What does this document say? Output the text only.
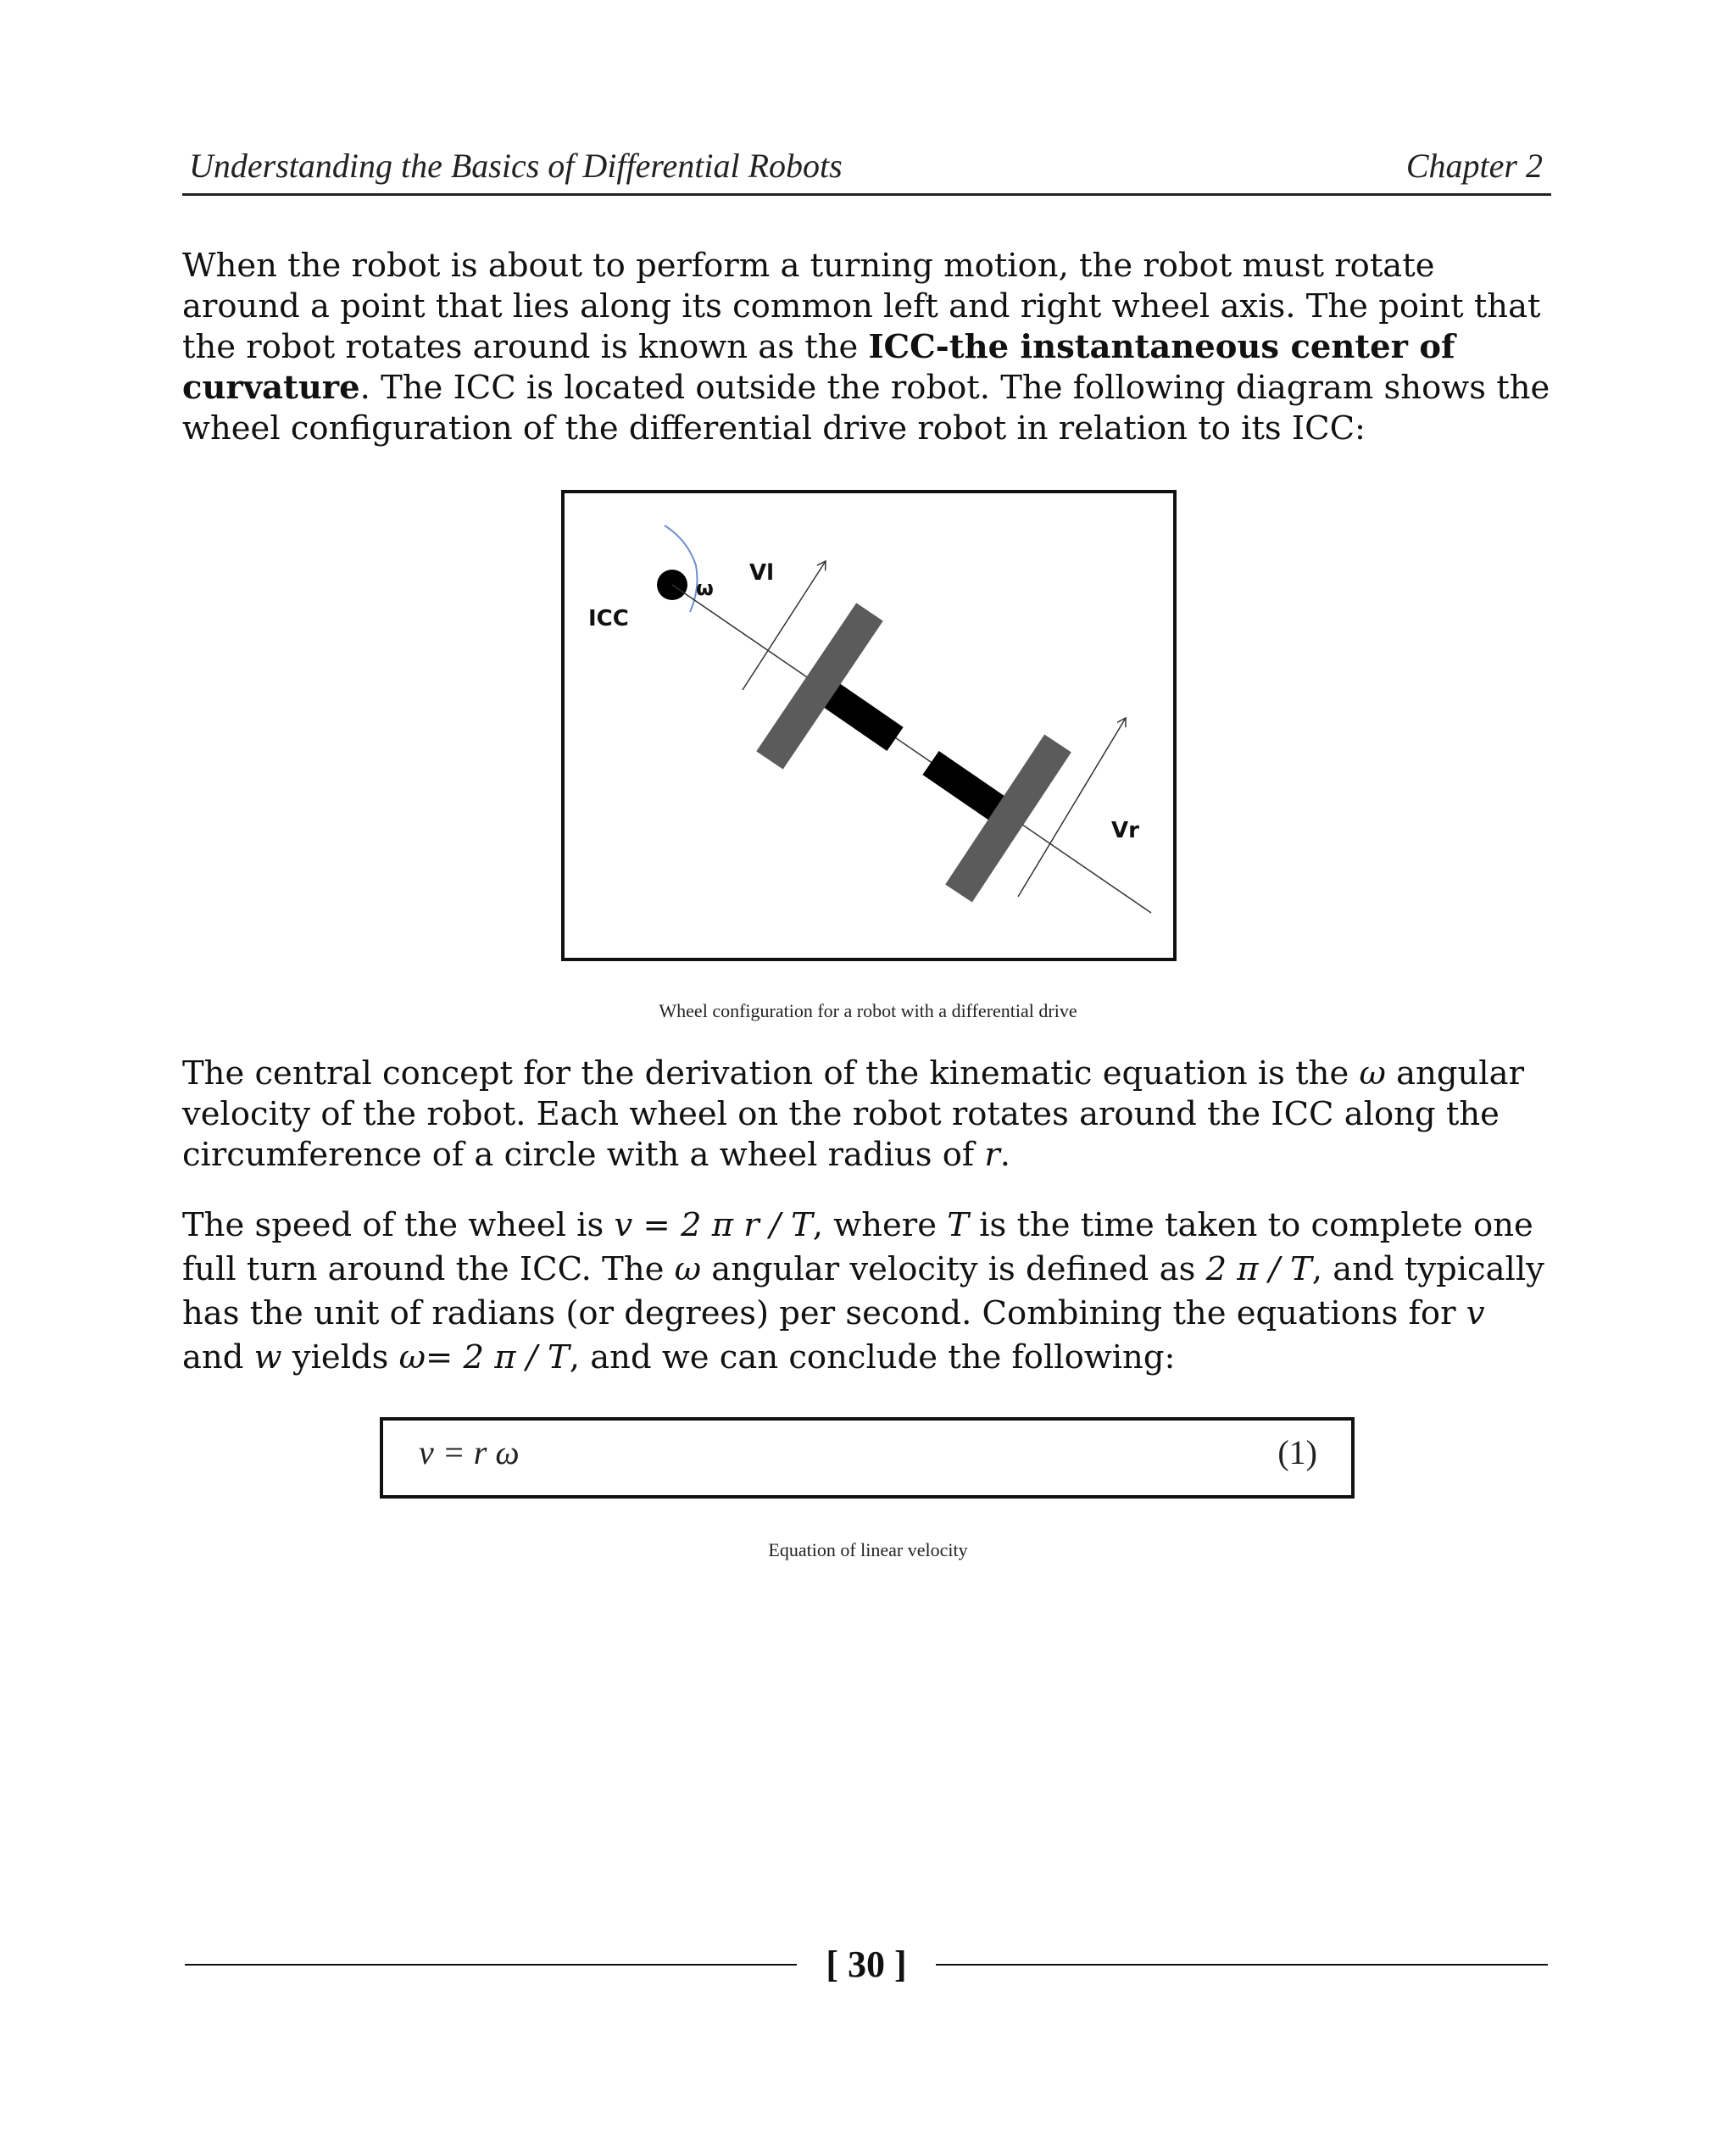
Understanding the Basics of Differential Robots	Chapter 2
When the robot is about to perform a turning motion, the robot must rotate around a point that lies along its common left and right wheel axis. The point that the robot rotates around is known as the ICC-the instantaneous center of curvature. The ICC is located outside the robot. The following diagram shows the wheel configuration of the differential drive robot in relation to its ICC:
ICC
ω
Vl
Vr
Wheel configuration for a robot with a differential drive
The central concept for the derivation of the kinematic equation is the ω angular velocity of the robot. Each wheel on the robot rotates around the ICC along the circumference of a circle with a wheel radius of r.
The speed of the wheel is v = 2 π r / T, where T is the time taken to complete one full turn around the ICC. The ω angular velocity is defined as 2 π / T, and typically has the unit of radians (or degrees) per second. Combining the equations for v and w yields ω= 2 π / T, and we can conclude the following:
v = r ω	(1)
Equation of linear velocity
[ 30 ]
